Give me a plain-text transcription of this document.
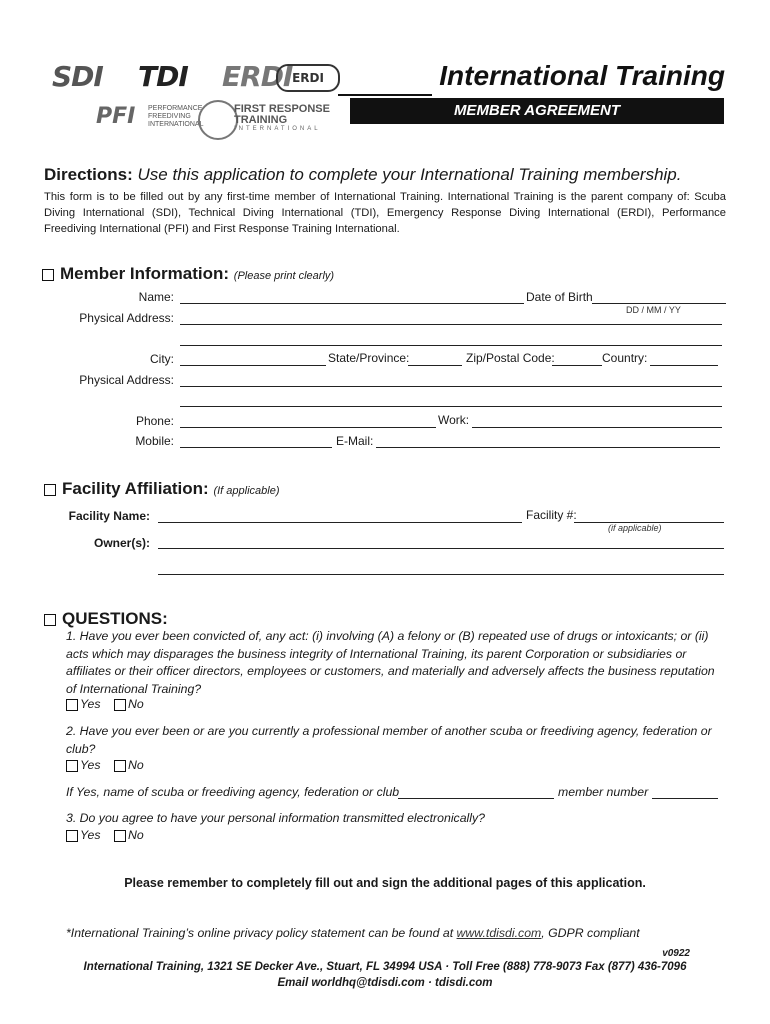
SDI TDI ERDI ERDI
PFI PERFORMANCE FREEDIVING INTERNATIONAL
FIRST RESPONSE
TRAINING
INTERNATIONAL
International Training
MEMBER AGREEMENT
Directions: Use this application to complete your International Training membership.
This form is to be filled out by any first-time member of International Training. International Training is the parent company of: Scuba Diving International (SDI), Technical Diving International (TDI), Emergency Response Diving International (ERDI), Performance Freediving International (PFI) and First Response Training International.
Member Information: (Please print clearly)
Name:	Date of Birth
DD / MM / YY
Physical Address:
City:	State/Province:	Zip/Postal Code:	Country:
Physical Address:
Phone:	Work:
Mobile:	E-Mail:
Facility Affiliation: (If applicable)
Facility Name:	Facility #:
(if applicable)
Owner(s):
QUESTIONS:
1. Have you ever been convicted of, any act: (i) involving (A) a felony or (B) repeated use of drugs or intoxicants; or (ii) acts which may disparages the business integrity of International Training, its parent Corporation or subsidiaries or affiliates or their officer directors, employees or customers, and materially and adversely affects the business reputation of International Training?
Yes No
2. Have you ever been or are you currently a professional member of another scuba or freediving agency, federation or club?
Yes No
If Yes, name of scuba or freediving agency, federation or club	member number
3. Do you agree to have your personal information transmitted electronically?
Yes No
Please remember to completely fill out and sign the additional pages of this application.
*International Training’s online privacy policy statement can be found at www.tdisdi.com, GDPR compliant
v0922
International Training, 1321 SE Decker Ave., Stuart, FL 34994 USA · Toll Free (888) 778-9073 Fax (877) 436-7096
Email worldhq@tdisdi.com · tdisdi.com
